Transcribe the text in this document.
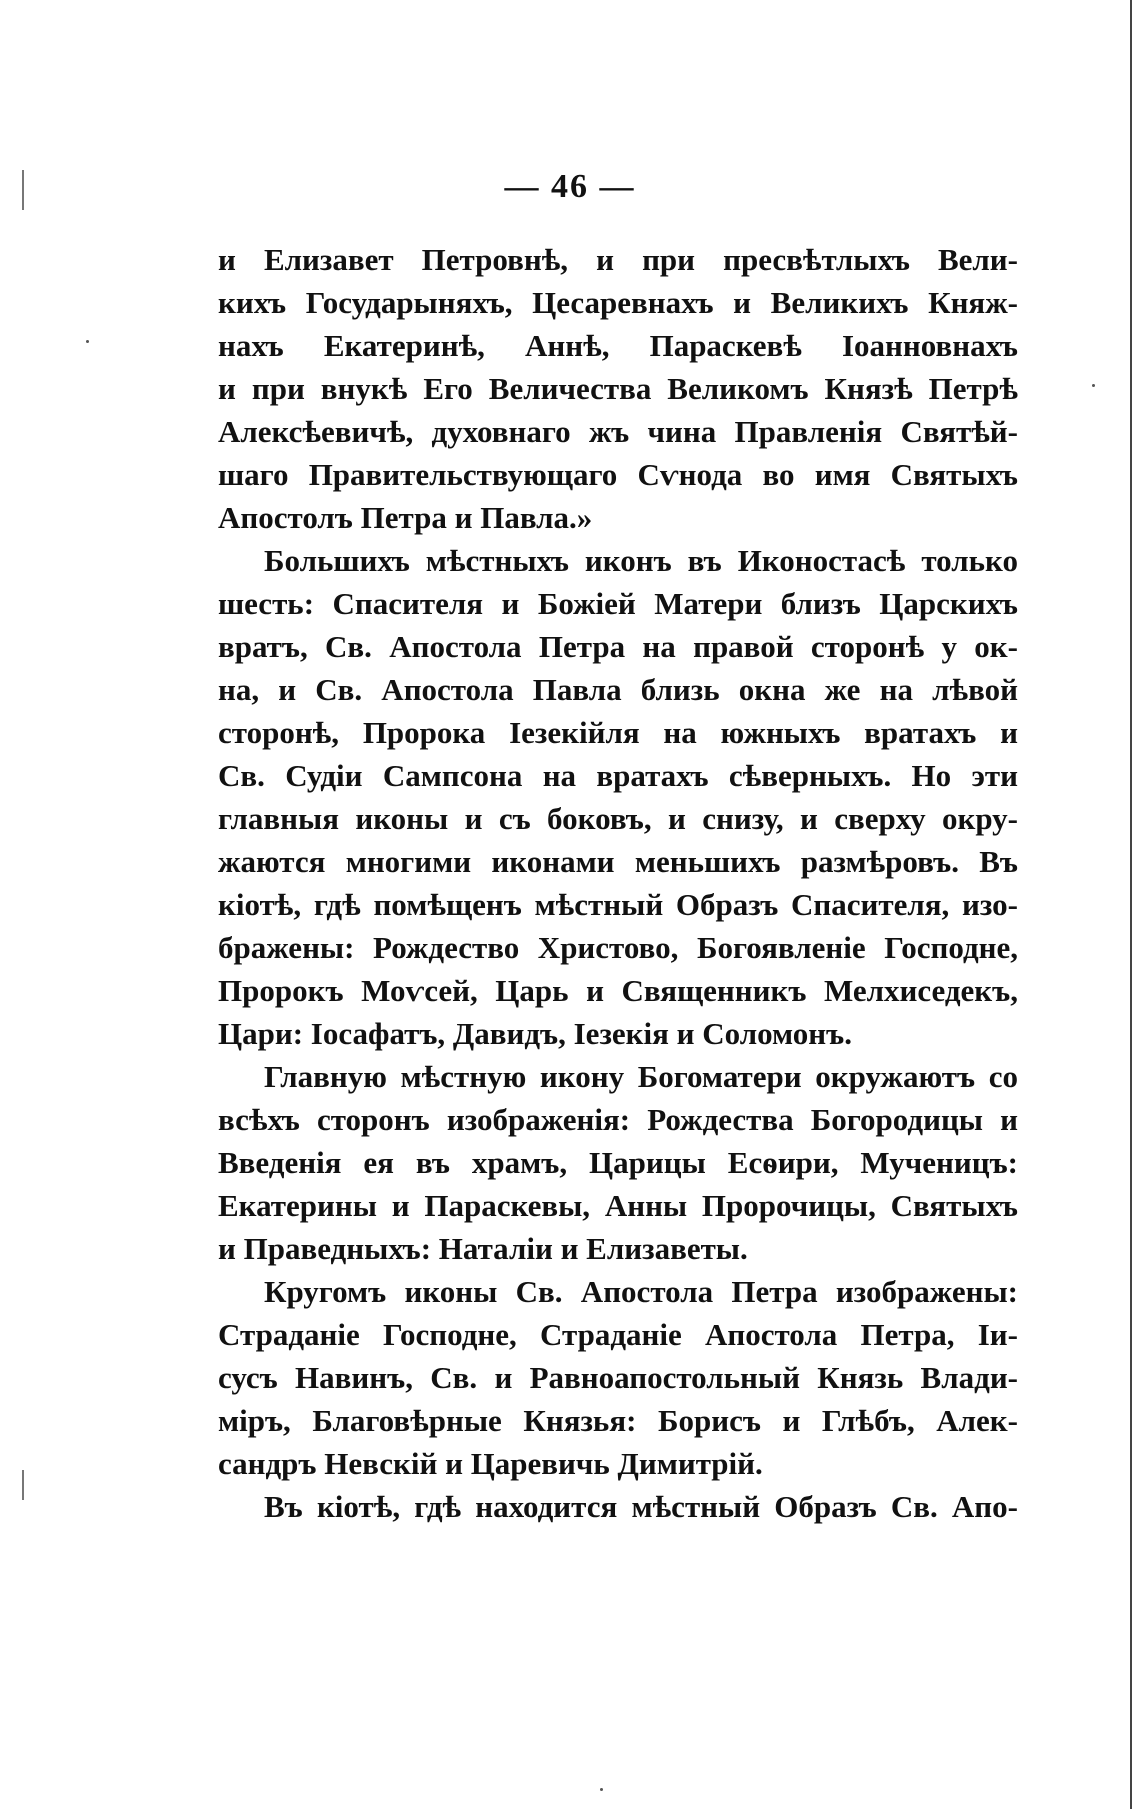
— 46 —
и Елизавет Петровнѣ, и при пресвѣтлыхъ Вели-
кихъ Государыняхъ, Цесаревнахъ и Великихъ Княж-
нахъ Екатеринѣ, Аннѣ, Параскевѣ Іоанновнахъ
и при внукѣ Его Величества Великомъ Князѣ Петрѣ
Алексѣевичѣ, духовнаго жъ чина Правленія Святѣй-
шаго Правительствующаго Сѵнода во имя Святыхъ
Апостолъ Петра и Павла.»
Большихъ мѣстныхъ иконъ въ Иконостасѣ только
шесть: Спасителя и Божіей Матери близъ Царскихъ
вратъ, Св. Апостола Петра на правой сторонѣ у ок-
на, и Св. Апостола Павла близь окна же на лѣвой
сторонѣ, Пророка Іезекійля на южныхъ вратахъ и
Св. Судіи Сампсона на вратахъ сѣверныхъ. Но эти
главныя иконы и съ боковъ, и снизу, и сверху окру-
жаются многими иконами меньшихъ размѣровъ. Въ
кіотѣ, гдѣ помѣщенъ мѣстный Образъ Спасителя, изо-
бражены: Рождество Христово, Богоявленіе Господне,
Пророкъ Моѵсей, Царь и Священникъ Мелхиседекъ,
Цари: Іосафатъ, Давидъ, Іезекія и Соломонъ.
Главную мѣстную икону Богоматери окружаютъ со
всѣхъ сторонъ изображенія: Рождества Богородицы и
Введенія ея въ храмъ, Царицы Есѳири, Мученицъ:
Екатерины и Параскевы, Анны Пророчицы, Святыхъ
и Праведныхъ: Наталіи и Елизаветы.
Кругомъ иконы Св. Апостола Петра изображены:
Страданіе Господне, Страданіе Апостола Петра, Іи-
сусъ Навинъ, Св. и Равноапостольный Князь Влади-
міръ, Благовѣрные Князья: Борисъ и Глѣбъ, Алек-
сандръ Невскій и Царевичь Димитрій.
Въ кіотѣ, гдѣ находится мѣстный Образъ Св. Апо-
